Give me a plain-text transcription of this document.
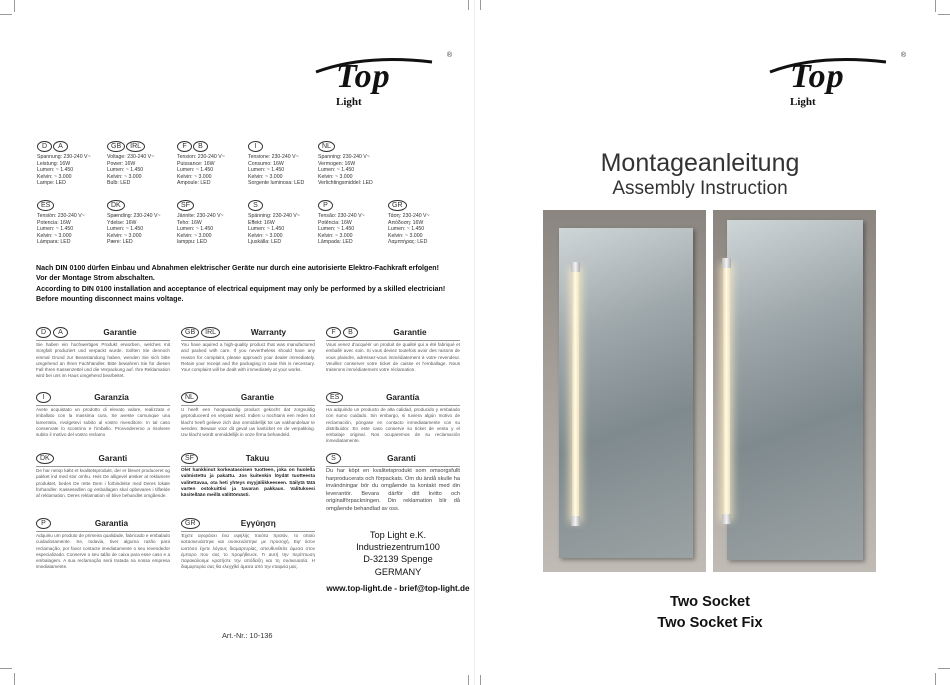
Top
Light
®
Top
Light
®
D	A
Spannung: 230-240 V~
Leistung: 16W
Lumen: ~ 1.450
Kelvin: ~ 3.000
Lampe: LED
GB	IRL
Voltage: 230-240 V~
Power: 16W
Lumen: ~ 1.450
Kelvin: ~ 3.000
Bulb: LED
F	B
Tension: 230-240 V~
Puissance: 16W
Lumen: ~ 1.450
Kelvin: ~ 3.000
Ampoule: LED
I
Tensione: 230-240 V~
Consumo: 16W
Lumen: ~ 1.450
Kelvin: ~ 3.000
Sorgente luminosa: LED
NL
Spanning: 230-240 V~
Vermogen: 16W
Lumen: ~ 1.450
Kelvin: ~ 3.000
Verlichtingsmiddel: LED
ES
Tensión: 230-240 V~
Potencia: 16W
Lumen: ~ 1.450
Kelvin: ~ 3.000
Lámpara: LED
DK
Spænding: 230-240 V~
Ydelse: 16W
Lumen: ~ 1.450
Kelvin: ~ 3.000
Pære: LED
SF
Jännite: 230-240 V~
Teho: 16W
Lumen: ~ 1.450
Kelvin: ~ 3.000
lamppu: LED
S
Spänning: 230-240 V~
Effekt: 16W
Lumen: ~ 1.450
Kelvin: ~ 3.000
Ljuskälla: LED
P
Tensão: 230-240 V~
Potência: 16W
Lumen: ~ 1.450
Kelvin: ~ 3.000
Lâmpada: LED
GR
Τάση: 230-240 V~
Απόδοση: 16W
Lumen: ~ 1.450
Kelvin: ~ 3.000
Λαμπτήρας: LED
Nach DIN 0100 dürfen Einbau und Abnahmen elektrischer Geräte nur durch eine autorisierte Elektro-Fachkraft erfolgen!
Vor der Montage Strom abschalten.
According to DIN 0100 installation and acceptance of electrical equipment may only be performed by a skilled electrician!
Before mounting disconnect mains voltage.
D	A	Garantie
Sie haben ein hochwertiges Produkt erworben, welches mit Sorgfalt produziert und verpackt wurde. Sollten Sie dennoch einmal Grund zur Beanstandung haben, wenden Sie sich bitte umgehend an Ihren Fachhändler. Bitte bewahren Sie für diesen Fall Ihren Kassenzettel und die Verpackung auf. Ihre Reklamation wird bei uns im Haus umgehend bearbeitet.
GB	IRL	Warranty
You have aquired a high-quality product that was manufactured and packed with care. If you nevertheless should have any reason for complaint, please approach your dealer immediately. Retain your receipt and the packaging in case this is necessary. Your complaint will be dealt with immediately at your works.
F	B	Garantie
Vous venez d'acquérir un produit de qualité qui a été fabriqué et emballé avec soin. Si vous deviez toutefois avoir des raisons de vous plaindre, adressez-vous immédiatement à votre revendeur. Veuillez conserver votre ticket de caisse et l'emballage. Nous traiterons immédiatement votre réclamation.
I	Garanzia
Avete acquistato un prodotto di elevato valore, realizzato e imballato con la massima cura. Se aveste comunque una lamentela, rivolgetevi subito al vostro rivenditore. In tal caso conservate lo scontrino e l'imballo. Provvederemo a risolvere subito il motivo del vostro reclamo
NL	Garantie
U heeft een hoogwaardig product gekocht dat zorgvuldig geproduceerd en verpakt werd. Indien u nochtans een reden tot klacht heeft gelieve zich dan onmiddellijk tot uw vakhandelaar te wenden. Bewaar voor dit geval uw kasticket en de verpakking. Uw klacht wordt onmiddellijk in onze firma behandeld.
ES	Garantía
Ha adquirido un producto de alta calidad, producido y embalado con sumo cuidado. Sin embargo, si tuviera algún motivo de reclamación, póngase en contacto inmediatamente con su distribuidor. En este caso conserve su ticket de venta y el embalaje original. Nos ocuparemos de su reclamación inmediatamente.
DK	Garanti
De har netop købt et kvalitetsprodukt, der er blevet produceret og pakket ind med stor omhu. Hvis De alligevel ønsker at reklamere produktet, bedes De rette Dem i forbindelse med Deres lokale forhandler. Kassesedlen og emballagen skal opbevares i tilfælde af reklamation. Deres reklamation vil blive behandlet omgående.
SF	Takuu
Olet hankkinut korkeatasoisen tuotteen, joka on huolella valmistettu ja pakattu. Jos kuitenkin löydät tuotteesta valitettavaa, ota heti yhteys myyjäliikkeeseen. Säilytä tätä varten ostokuittisi ja tavaran pakkaus. Valituksesi käsitellään meillä välittömästi.
S	Garanti
Du har köpt en kvalitetsprodukt som omsorgsfullt harproducerats och förpackats. Om du ändå skulle ha invändningar bör du omgående ta kontakt med din leverantör. Bevara därför ditt kvitto och originalförpackningen. Din reklamation blir då omgående behandlad av oss.
P	Garantia
Adquiriu um produto de primeira qualidade, fabricado e embalado cuidadosamente. Se, todavia, tiver alguma razão para reclamação, por favor contacte imediatamente o seu revendedor especializado. Conserve o seu talão de caixa para esse caso e a embalagem. A sua reclamação será tratada na nossa empresa imediatamente.
GR	Εγγύηση
Έχετε αγοράσει ένα υψηλής ποιότα προϊόν, το οποίο κατασκευάστηκε και συσκευάστηκε με προσοχή. Εφ' όσον ωστόσο έχετε λόγους διαμαρτυρίας, απευθυνθείτε άμεσα στον έμπορο που σας το προμήθευσε. Γι αυτή την περίπτωση παρακαλούμε κρατήστε την απόδειξη και τη συσκευασία. Η διαμαρτυρία σας θα ελεγχθεί άμεσα από την εταιρεία μας.
Top Light e.K.
Industriezentrum100
D-32139 Spenge
GERMANY
www.top-light.de - brief@top-light.de
Art.-Nr.: 10-136
Montageanleitung
Assembly Instruction
Two Socket
Two Socket Fix
